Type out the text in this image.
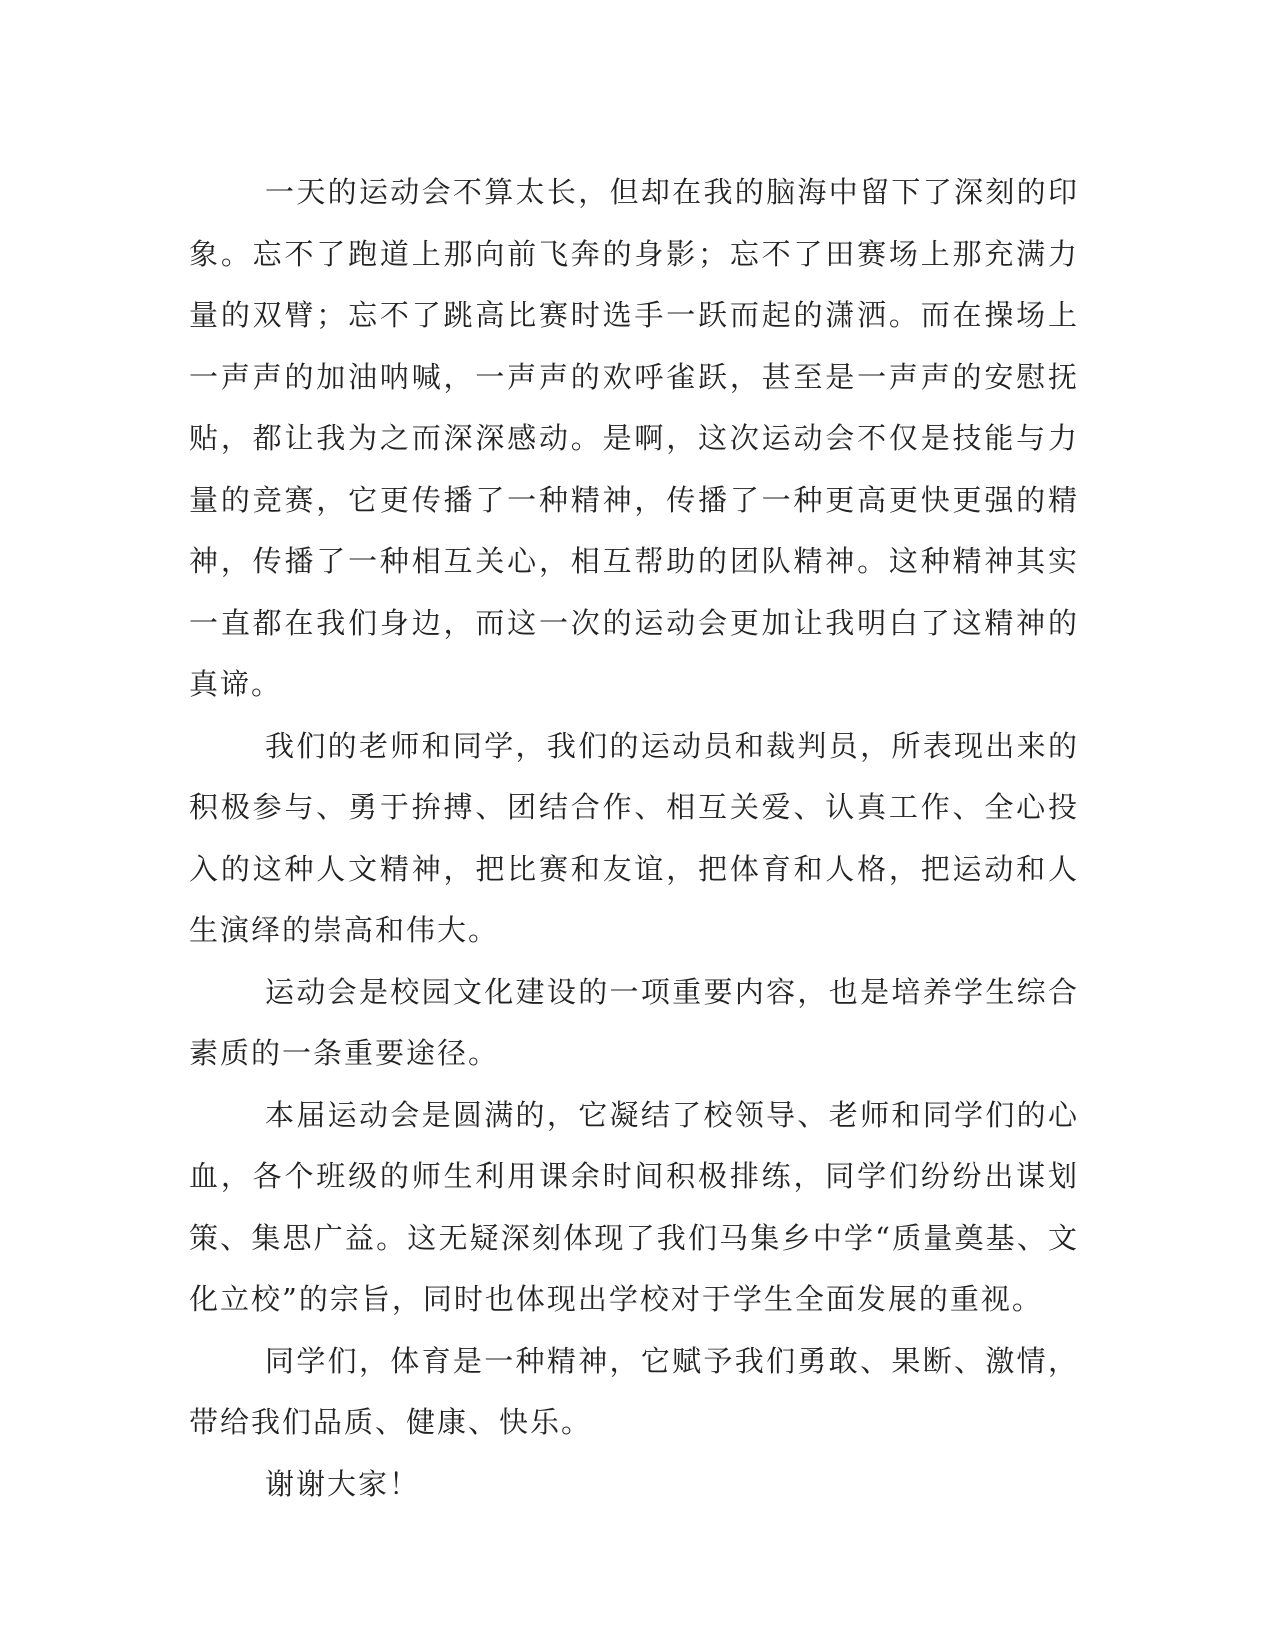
一天的运动会不算太长，但却在我的脑海中留下了深刻的印象。忘不了跑道上那向前飞奔的身影；忘不了田赛场上那充满力量的双臂；忘不了跳高比赛时选手一跃而起的潇洒。而在操场上一声声的加油呐喊，一声声的欢呼雀跃，甚至是一声声的安慰抚贴，都让我为之而深深感动。是啊，这次运动会不仅是技能与力量的竞赛，它更传播了一种精神，传播了一种更高更快更强的精神，传播了一种相互关心，相互帮助的团队精神。这种精神其实一直都在我们身边，而这一次的运动会更加让我明白了这精神的真谛。

我们的老师和同学，我们的运动员和裁判员，所表现出来的积极参与、勇于拚搏、团结合作、相互关爱、认真工作、全心投入的这种人文精神，把比赛和友谊，把体育和人格，把运动和人生演绎的崇高和伟大。

运动会是校园文化建设的一项重要内容，也是培养学生综合素质的一条重要途径。

本届运动会是圆满的，它凝结了校领导、老师和同学们的心血，各个班级的师生利用课余时间积极排练，同学们纷纷出谋划策、集思广益。这无疑深刻体现了我们马集乡中学“质量奠基、文化立校”的宗旨，同时也体现出学校对于学生全面发展的重视。

同学们，体育是一种精神，它赋予我们勇敢、果断、激情，带给我们品质、健康、快乐。

谢谢大家！
